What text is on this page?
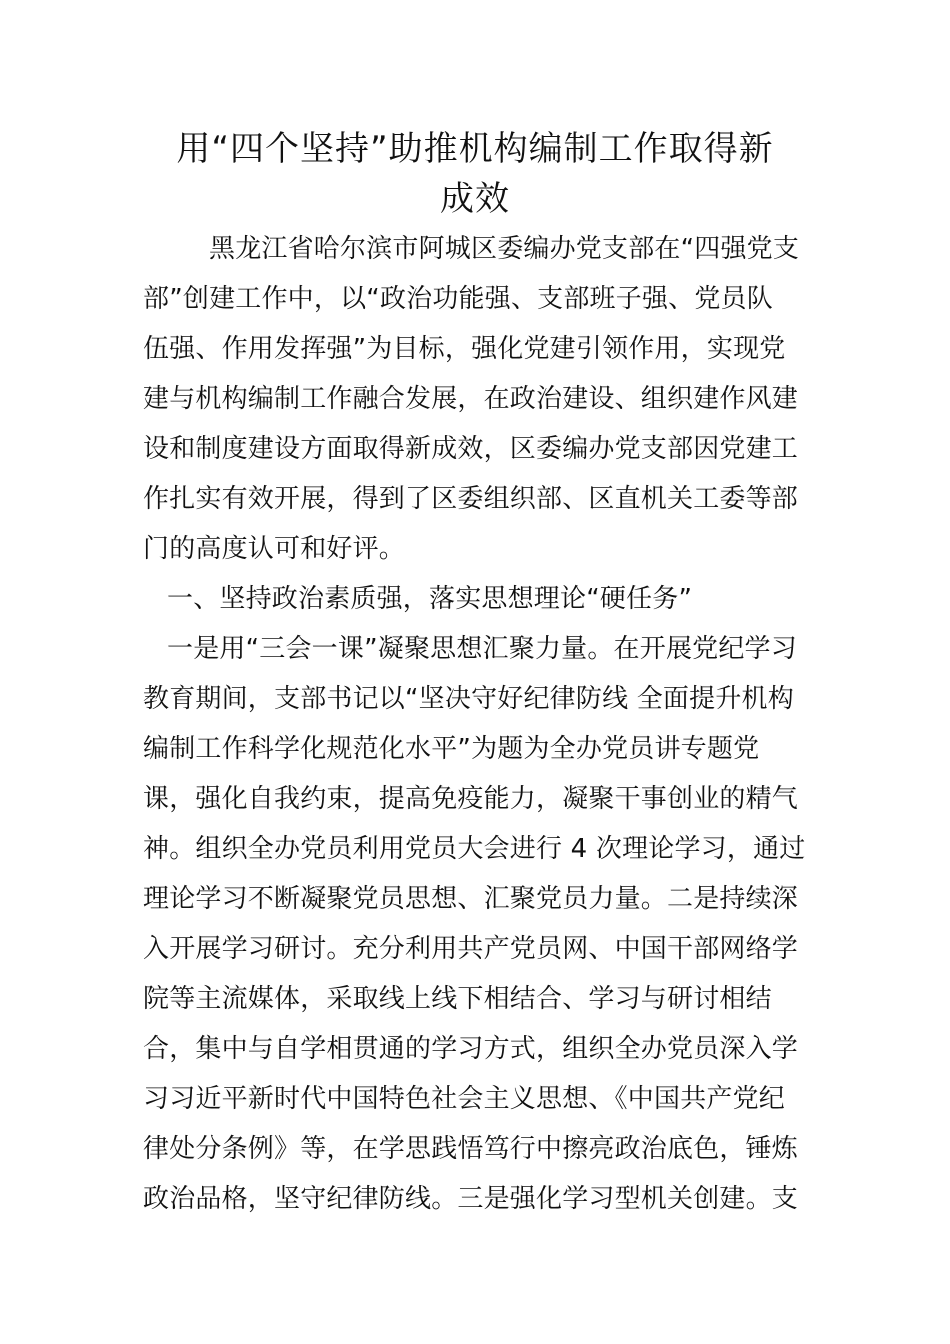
用“四个坚持”助推机构编制工作取得新
成效
黑龙江省哈尔滨市阿城区委编办党支部在“四强党支
部”创建工作中，以“政治功能强、支部班子强、党员队
伍强、作用发挥强”为目标，强化党建引领作用，实现党
建与机构编制工作融合发展，在政治建设、组织建作风建
设和制度建设方面取得新成效，区委编办党支部因党建工
作扎实有效开展，得到了区委组织部、区直机关工委等部
门的高度认可和好评。
一、坚持政治素质强，落实思想理论“硬任务”
一是用“三会一课”凝聚思想汇聚力量。在开展党纪学习
教育期间，支部书记以“坚决守好纪律防线 全面提升机构
编制工作科学化规范化水平”为题为全办党员讲专题党
课，强化自我约束，提高免疫能力，凝聚干事创业的精气
神。组织全办党员利用党员大会进行 4 次理论学习，通过
理论学习不断凝聚党员思想、汇聚党员力量。二是持续深
入开展学习研讨。充分利用共产党员网、中国干部网络学
院等主流媒体，采取线上线下相结合、学习与研讨相结
合，集中与自学相贯通的学习方式，组织全办党员深入学
习习近平新时代中国特色社会主义思想、《中国共产党纪
律处分条例》等，在学思践悟笃行中擦亮政治底色，锤炼
政治品格，坚守纪律防线。三是强化学习型机关创建。支
